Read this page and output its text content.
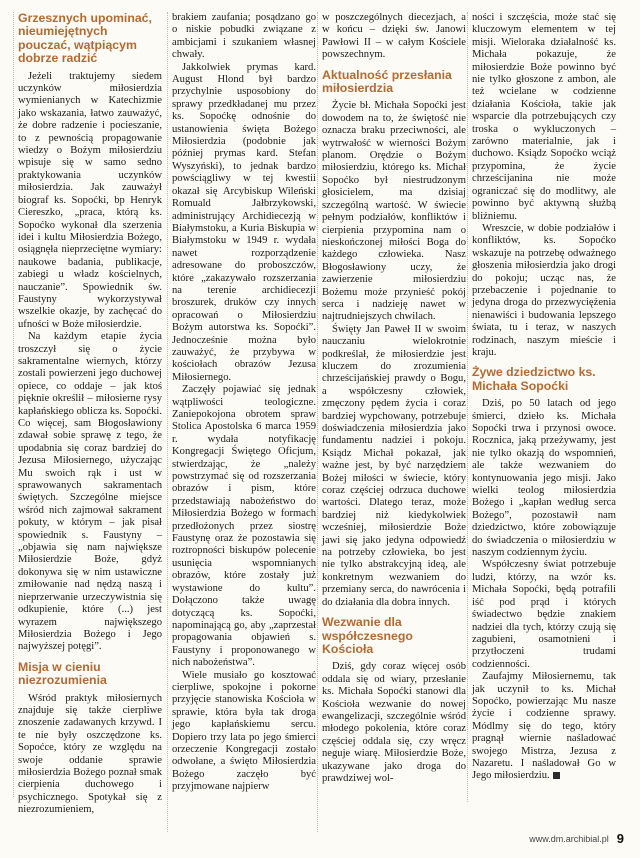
Grzesznych upominać, nieumiejętnych pouczać, wątpiącym dobrze radzić

Jeżeli traktujemy siedem uczynków miłosierdzia wymienianych w Katechizmie jako wskazania, łatwo zauważyć, że dobre radzenie i pocieszanie, to z pewnością propagowanie wiedzy o Bożym miłosierdziu wpisuje się w samo sedno praktykowania uczynków miłosierdzia. Jak zauważył biograf ks. Sopoćki, bp Henryk Ciereszko, „praca, którą ks. Sopoćko wykonał dla szerzenia idei i kultu Miłosierdzia Bożego, osiągnęła nieprzeciętne wymiary: naukowe badania, publikacje, zabiegi u władz kościelnych, nauczanie”. Spowiednik św. Faustyny wykorzystywał wszelkie okazje, by zachęcać do ufności w Boże miłosierdzie.

Na każdym etapie życia troszczył się o życie sakramentalne wiernych, którzy zostali powierzeni jego duchowej opiece, co oddaje – jak ktoś pięknie określił – miłosierne rysy kapłańskiego oblicza ks. Sopoćki. Co więcej, sam Błogosławiony zdawał sobie sprawę z tego, że upodabnia się coraz bardziej do Jezusa Miłosiernego, użyczając Mu swoich rąk i ust w sprawowanych sakramentach świętych. Szczególne miejsce wśród nich zajmował sakrament pokuty, w którym – jak pisał spowiednik s. Faustyny – „objawia się nam największe Miłosierdzie Boże, gdyż dokonywa się w nim ustawiczne zmiłowanie nad nędzą naszą i nieprzerwanie urzeczywistnia się odkupienie, które (...) jest wyrazem największego Miłosierdzia Bożego i Jego najwyższej potęgi”.

Misja w cieniu niezrozumienia

Wśród praktyk miłosiernych znajduje się także cierpliwe znoszenie zadawanych krzywd. I te nie były oszczędzone ks. Sopoćce, który ze względu na swoje oddanie sprawie miłosierdzia Bożego poznał smak cierpienia duchowego i psychicznego. Spotykał się z niezrozumieniem,

brakiem zaufania; posądzano go o niskie pobudki związane z ambicjami i szukaniem własnej chwały.

Jakkolwiek prymas kard. August Hlond był bardzo przychylnie usposobiony do sprawy przedkładanej mu przez ks. Sopoćkę odnośnie do ustanowienia święta Bożego Miłosierdzia (podobnie jak później prymas kard. Stefan Wyszyński), to jednak bardzo powściągliwy w tej kwestii okazał się Arcybiskup Wileński Romuald Jałbrzykowski, administrujący Archidiecezją w Białymstoku, a Kuria Biskupia w Białymstoku w 1949 r. wydała nawet rozporządzenie adresowane do proboszczów, które „zakazywało rozszerzania na terenie archidiecezji broszurek, druków czy innych opracowań o Miłosierdziu Bożym autorstwa ks. Sopoćki”. Jednocześnie można było zauważyć, że przybywa w kościołach obrazów Jezusa Miłosiernego.

Zaczęły pojawiać się jednak wątpliwości teologiczne. Zaniepokojona obrotem spraw Stolica Apostolska 6 marca 1959 r. wydała notyfikację Kongregacji Świętego Oficjum, stwierdzając, że „należy powstrzymać się od rozszerzania obrazów i pism, które przedstawiają nabożeństwo do Miłosierdzia Bożego w formach przedłożonych przez siostrę Faustynę oraz że pozostawia się roztropności biskupów polecenie usunięcia wspomnianych obrazów, które zostały już wystawione do kultu”. Dołączono także uwagę dotyczącą ks. Sopoćki, napominającą go, aby „zaprzestał propagowania objawień s. Faustyny i proponowanego w nich nabożeństwa”.

Wiele musiało go kosztować cierpliwe, spokojne i pokorne przyjęcie stanowiska Kościoła w sprawie, która była tak droga jego kapłańskiemu sercu. Dopiero trzy lata po jego śmierci orzeczenie Kongregacji zostało odwołane, a święto Miłosierdzia Bożego zaczęło być przyjmowane najpierw

w poszczególnych diecezjach, a w końcu – dzięki św. Janowi Pawłowi II – w całym Kościele powszechnym.

Aktualność przesłania miłosierdzia

Życie bł. Michała Sopoćki jest dowodem na to, że świętość nie oznacza braku przeciwności, ale wytrwałość w wierności Bożym planom. Orędzie o Bożym miłosierdziu, którego ks. Michał Sopoćko był niestrudzonym głosicielem, ma dzisiaj szczególną wartość. W świecie pełnym podziałów, konfliktów i cierpienia przypomina nam o nieskończonej miłości Boga do każdego człowieka. Nasz Błogosławiony uczy, że zawierzenie miłosierdziu Bożemu może przynieść pokój serca i nadzieję nawet w najtrudniejszych chwilach.

Święty Jan Paweł II w swoim nauczaniu wielokrotnie podkreślał, że miłosierdzie jest kluczem do zrozumienia chrześcijańskiej prawdy o Bogu, a współczesny człowiek, zmęczony pędem życia i coraz bardziej wypchowany, potrzebuje doświadczenia miłosierdzia jako fundamentu nadziei i pokoju. Ksiądz Michał pokazał, jak ważne jest, by być narzędziem Bożej miłości w świecie, który coraz częściej odrzuca duchowe wartości. Dlatego teraz, może bardziej niż kiedykolwiek wcześniej, miłosierdzie Boże jawi się jako jedyna odpowiedź na potrzeby człowieka, bo jest nie tylko abstrakcyjną ideą, ale konkretnym wezwaniem do przemiany serca, do nawrócenia i do działania dla dobra innych.

Wezwanie dla współczesnego Kościoła

Dziś, gdy coraz więcej osób oddala się od wiary, przesłanie ks. Michała Sopoćki stanowi dla Kościoła wezwanie do nowej ewangelizacji, szczególnie wśród młodego pokolenia, które coraz częściej oddala się, czy wręcz neguje wiarę. Miłosierdzie Boże, ukazywane jako droga do prawdziwej wol-

ności i szczęścia, może stać się kluczowym elementem w tej misji. Wielorakа działalność ks. Michała pokazuje, że miłosierdzie Boże powinno być nie tylko głoszone z ambon, ale też wcielane w codzienne działania Kościoła, takie jak wsparcie dla potrzebujących czy troska o wykluczonych – zarówno materialnie, jak i duchowo. Ksiądz Sopoćko wciąż przypomina, że życie chrześcijanina nie może ograniczać się do modlitwy, ale powinno być aktywną służbą bliźniemu.

Wreszcie, w dobie podziałów i konfliktów, ks. Sopoćko wskazuje na potrzebę odważnego głoszenia miłosierdzia jako drogi do pokoju; ucząc nas, że przebaczenie i pojednanie to jedyna droga do przezwyciężenia nienawiści i budowania lepszego świata, tu i teraz, w naszych rodzinach, naszym mieście i kraju.

Żywe dziedzictwo ks. Michała Sopoćki

Dziś, po 50 latach od jego śmierci, dzieło ks. Michała Sopoćki trwa i przynosi owoce. Rocznica, jaką przeżywamy, jest nie tylko okazją do wspomnień, ale także wezwaniem do kontynuowania jego misji. Jako wielki teolog miłosierdzia Bożego i „kapłan według serca Bożego”, pozostawił nam dziedzictwo, które zobowiązuje do świadczenia o miłosierdziu w naszym codziennym życiu.

Współczesny świat potrzebuje ludzi, którzy, na wzór ks. Michała Sopoćki, będą potrafili iść pod prąd i których świadectwo będzie znakiem nadziei dla tych, którzy czują się zagubieni, osamotnieni i przytłoczeni trudami codzienności.

Zaufajmy Miłosiernemu, tak jak uczynił to ks. Michał Sopoćko, powierzając Mu nasze życie i codzienne sprawy. Módlmy się do tego, który pragnął wiernie naśladować swojego Mistrza, Jezusa z Nazaretu. I naśladował Go w Jego miłosierdziu.

www.dm.archibial.pl 9
